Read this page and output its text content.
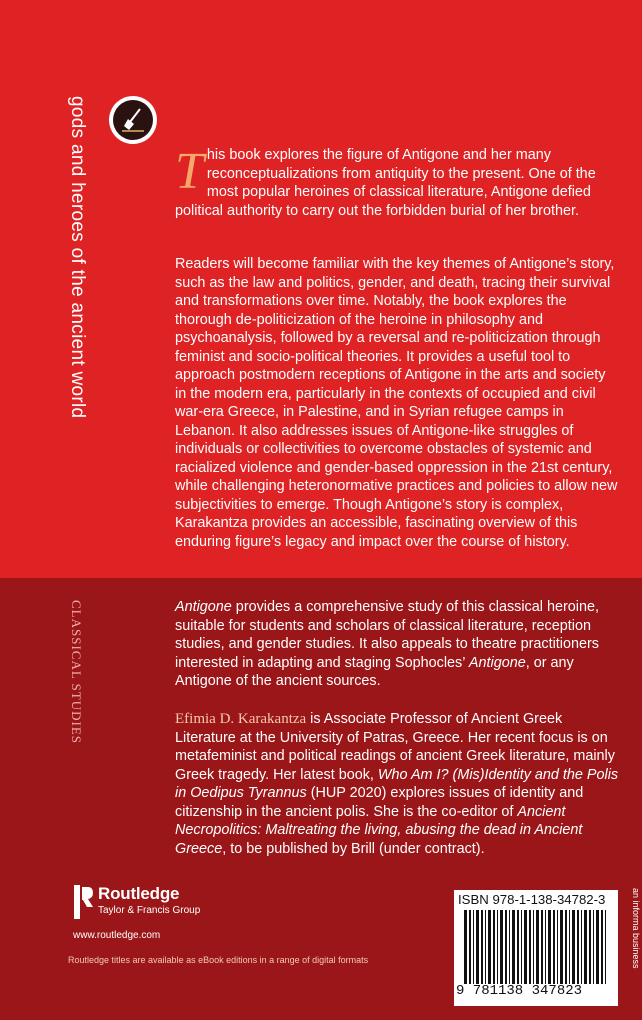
gods and heroes of the ancient world
CLASSICAL STUDIES

This book explores the figure of Antigone and her many reconceptualizations from antiquity to the present. One of the most popular heroines of classical literature, Antigone defied political authority to carry out the forbidden burial of her brother.

Readers will become familiar with the key themes of Antigone’s story, such as the law and politics, gender, and death, tracing their survival and transformations over time. Notably, the book explores the thorough de-politicization of the heroine in philosophy and psychoanalysis, followed by a reversal and re-politicization through feminist and socio-political theories. It provides a useful tool to approach postmodern receptions of Antigone in the arts and society in the modern era, particularly in the contexts of occupied and civil war-era Greece, in Palestine, and in Syrian refugee camps in Lebanon. It also addresses issues of Antigone-like struggles of individuals or collectivities to overcome obstacles of systemic and racialized violence and gender-based oppression in the 21st century, while challenging heteronormative practices and policies to allow new subjectivities to emerge. Though Antigone’s story is complex, Karakantza provides an accessible, fascinating overview of this enduring figure’s legacy and impact over the course of history.

Antigone provides a comprehensive study of this classical heroine, suitable for students and scholars of classical literature, reception studies, and gender studies. It also appeals to theatre practitioners interested in adapting and staging Sophocles’ Antigone, or any Antigone of the ancient sources.

Efimia D. Karakantza is Associate Professor of Ancient Greek Literature at the University of Patras, Greece. Her recent focus is on metafeminist and political readings of ancient Greek literature, mainly Greek tragedy. Her latest book, Who Am I? (Mis)Identity and the Polis in Oedipus Tyrannus (HUP 2020) explores issues of identity and citizenship in the ancient polis. She is the co-editor of Ancient Necropolitics: Maltreating the living, abusing the dead in Ancient Greece, to be published by Brill (under contract).

Routledge
Taylor & Francis Group
www.routledge.com
Routledge titles are available as eBook editions in a range of digital formats
ISBN 978-1-138-34782-3
9 781138 347823
an informa business
